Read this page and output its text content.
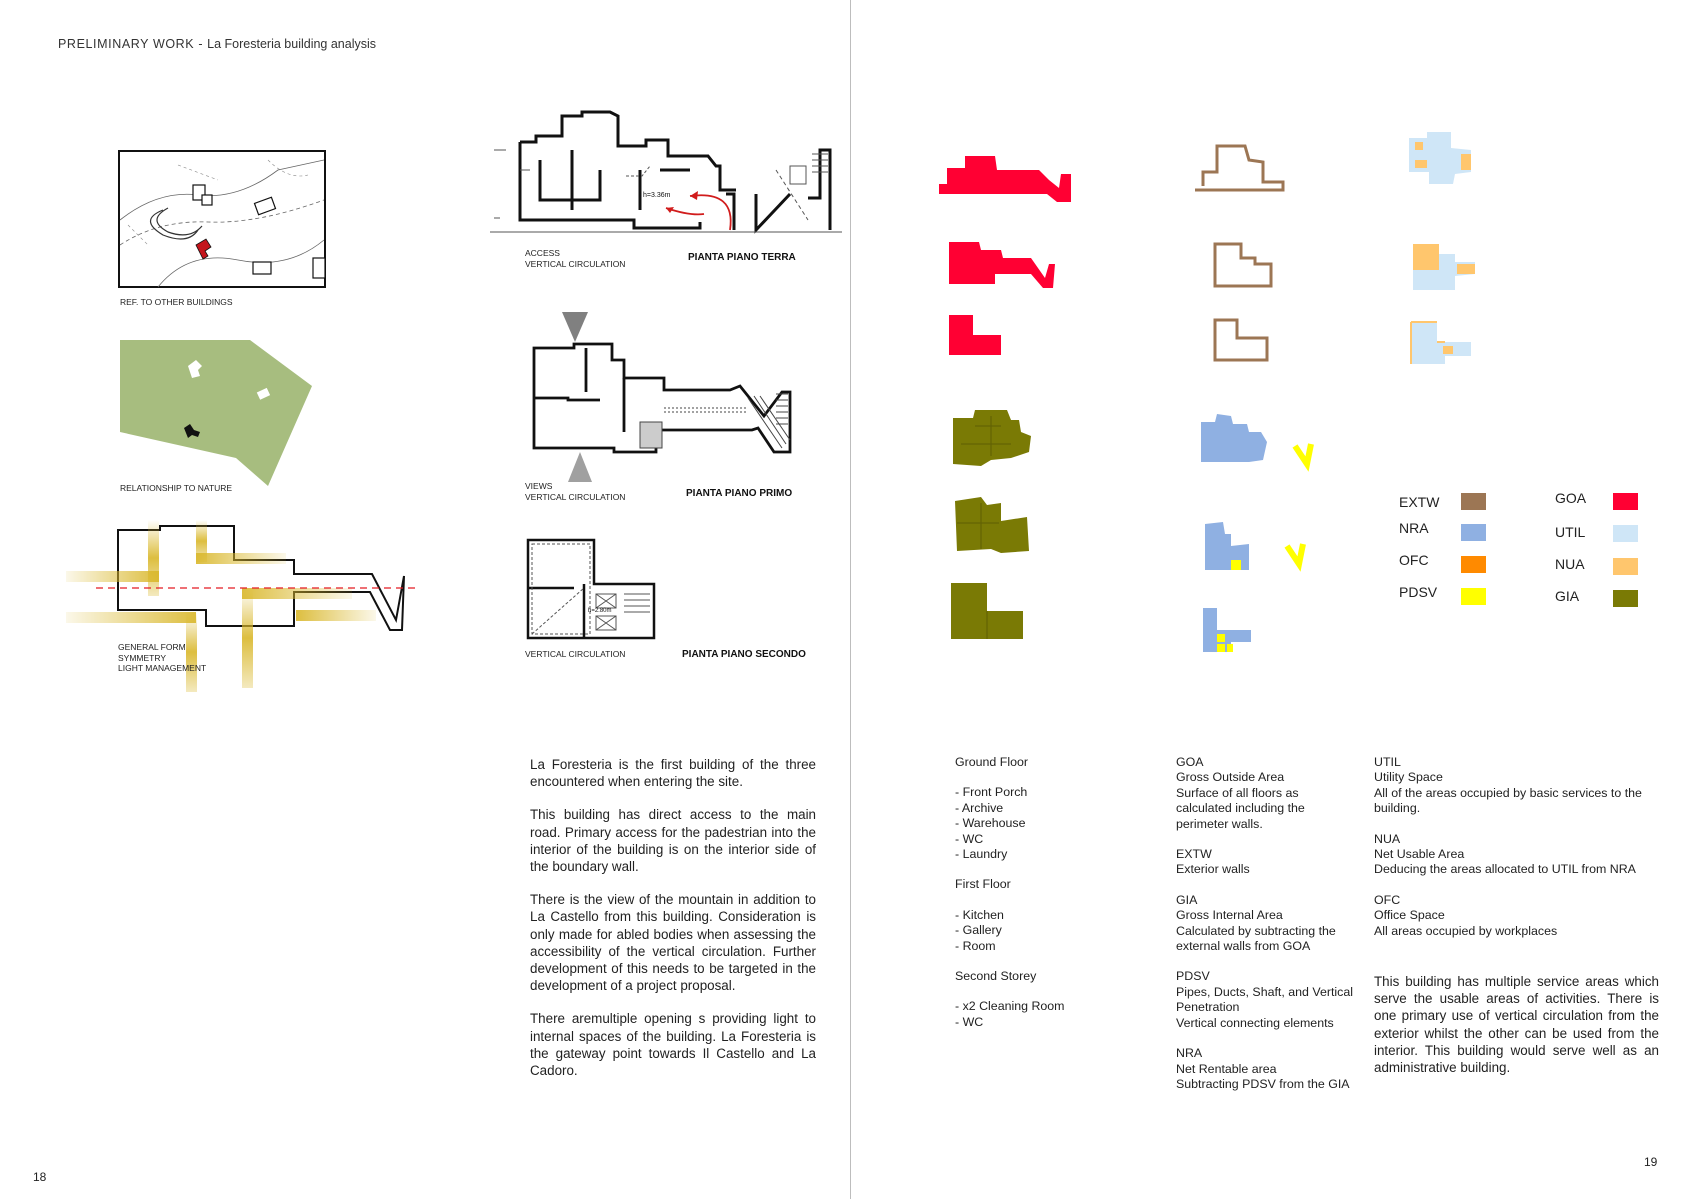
PRELIMINARY WORK - La Foresteria building analysis
REF. TO OTHER BUILDINGS
RELATIONSHIP TO NATURE
GENERAL FORM
SYMMETRY
LIGHT MANAGEMENT
h=3.36m
ACCESS
VERTICAL CIRCULATION
PIANTA PIANO TERRA
VIEWS
VERTICAL CIRCULATION	PIANTA PIANO PRIMO
h=2.80m
VERTICAL CIRCULATION	PIANTA PIANO SECONDO

La Foresteria is the first building of the three encountered when entering the site.

This building has direct access to the main road. Primary access for the padestrian into the interior of the building is on the interior side of the boundary wall.

There is the view of the mountain in addition to La Castello from this building. Consideration is only made for abled bodies when assessing the accessibility of the vertical circulation. Further development of this needs to be targeted in the development of a project proposal.

There aremultiple opening s providing light to internal spaces of the building. La Foresteria is the gateway point towards Il Castello and La Cadoro.

18
EXTW
NRA
OFC
PDSV
GOA
UTIL
NUA
GIA
Ground Floor
- Front Porch
- Archive
- Warehouse
- WC
- Laundry
First Floor
- Kitchen
- Gallery
- Room
Second Storey
- x2 Cleaning Room
- WC
GOA
Gross Outside Area
Surface of all floors as calculated including the perimeter walls.
EXTW
Exterior walls
GIA
Gross Internal Area
Calculated by subtracting the external walls from GOA
PDSV
Pipes, Ducts, Shaft, and Vertical Penetration
Vertical connecting elements
NRA
Net Rentable area
Subtracting PDSV from the GIA
UTIL
Utility Space
All of the areas occupied by basic services to the building.
NUA
Net Usable Area
Deducing the areas allocated to UTIL from NRA
OFC
Office Space
All areas occupied by workplaces
This building has multiple service areas which serve the usable areas of activities. There is one primary use of vertical circulation from the exterior whilst the other can be used from the interior. This building would serve well as an administrative building.
19
